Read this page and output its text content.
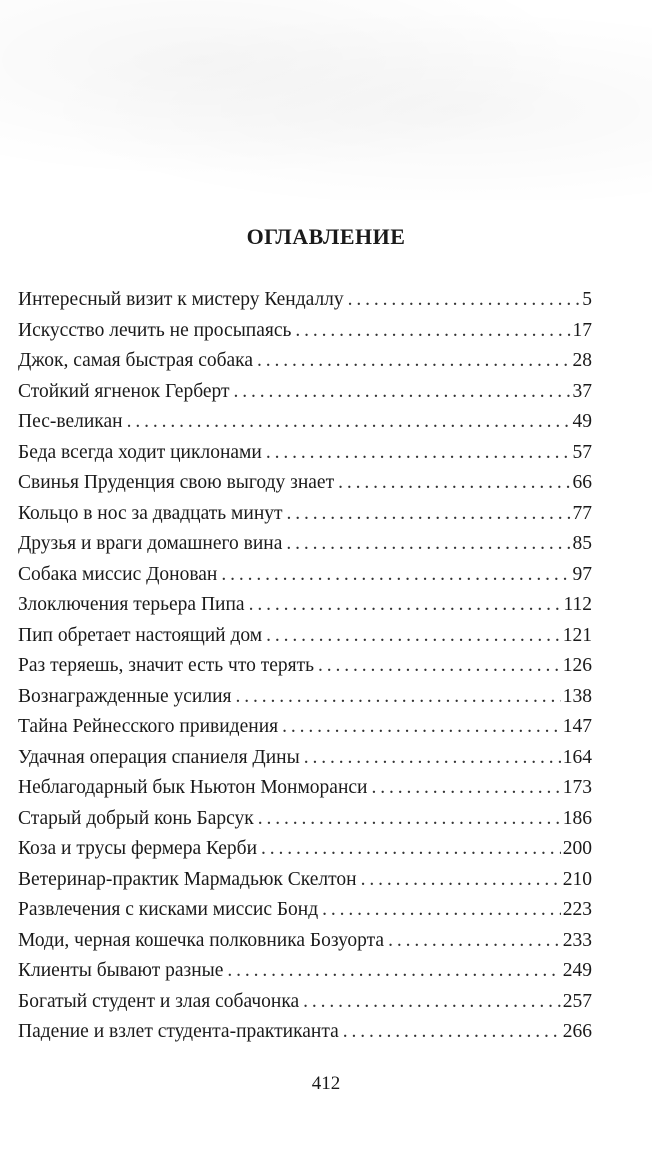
ОГЛАВЛЕНИЕ
Интересный визит к мистеру Кендаллу . . .	5
Искусство лечить не просыпаясь . . .	17
Джок, самая быстрая собака . . .	28
Стойкий ягненок Герберт . . .	37
Пес-великан . . .	49
Беда всегда ходит циклонами . . .	57
Свинья Пруденция свою выгоду знает . . .	66
Кольцо в нос за двадцать минут . . .	77
Друзья и враги домашнего вина . . .	85
Собака миссис Донован . . .	97
Злоключения терьера Пипа . . .	112
Пип обретает настоящий дом . . .	121
Раз теряешь, значит есть что терять . . .	126
Вознагражденные усилия . . .	138
Тайна Рейнесского привидения . . .	147
Удачная операция спаниеля Дины . . .	164
Неблагодарный бык Ньютон Монморанси . . .	173
Старый добрый конь Барсук . . .	186
Коза и трусы фермера Керби . . .	200
Ветеринар-практик Мармадьюк Скелтон . . .	210
Развлечения с кисками миссис Бонд . . .	223
Моди, черная кошечка полковника Бозуорта . . .	233
Клиенты бывают разные . . .	249
Богатый студент и злая собачонка . . .	257
Падение и взлет студента-практиканта . . .	266
412
